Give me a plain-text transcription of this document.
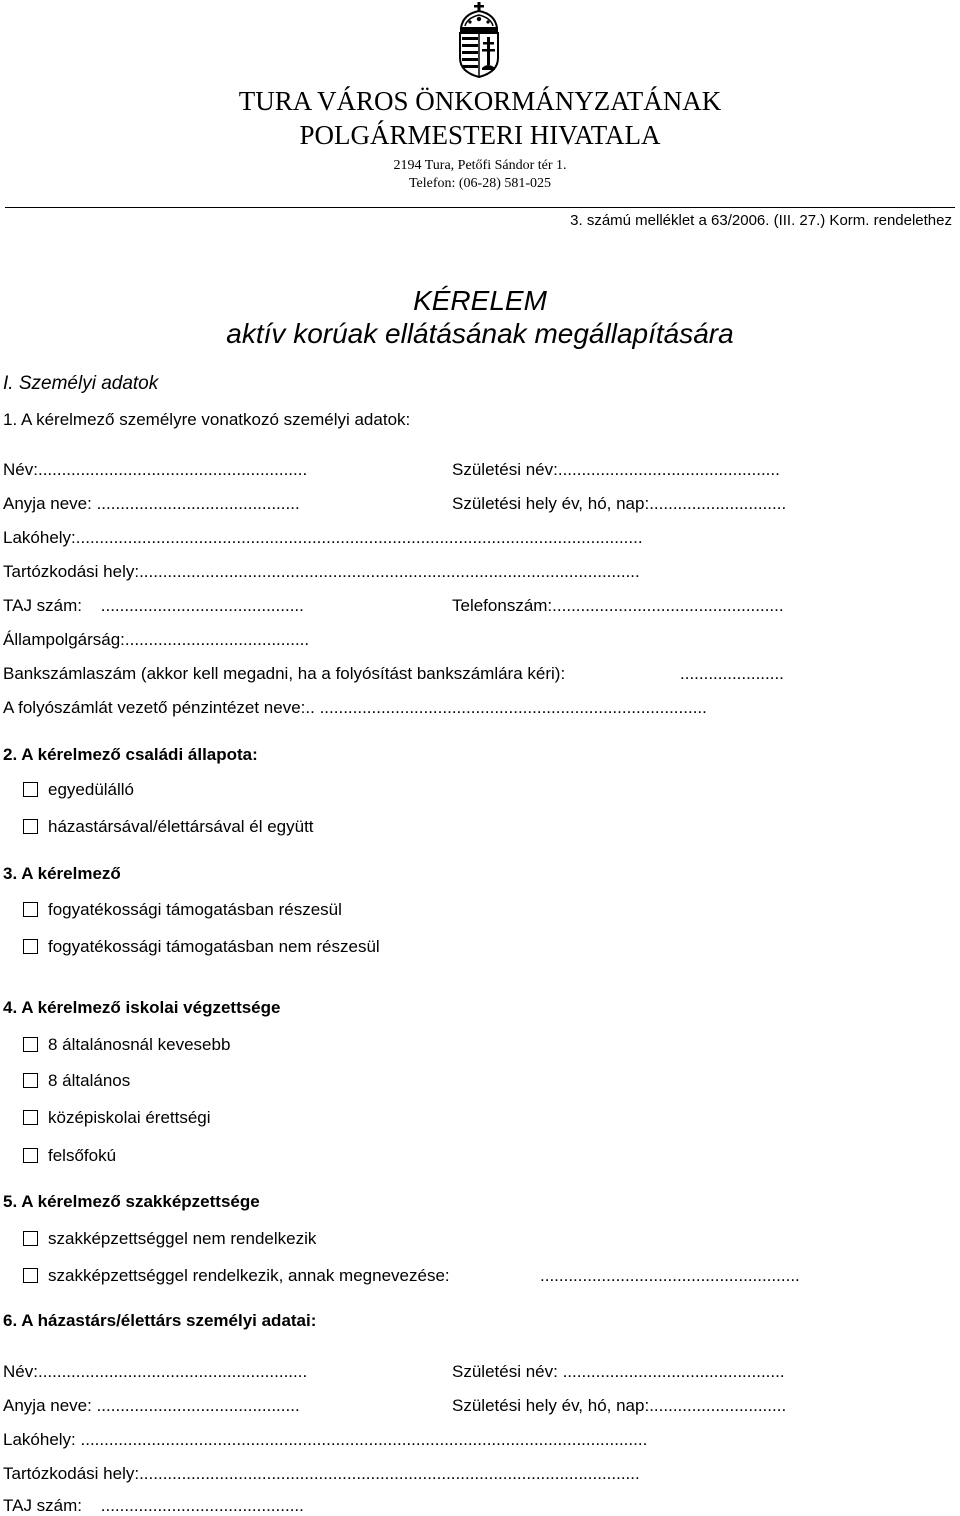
TURA VÁROS ÖNKORMÁNYZATÁNAK
POLGÁRMESTERI HIVATALA
2194 Tura, Petőfi Sándor tér 1.
Telefon: (06-28) 581-025
3. számú melléklet a 63/2006. (III. 27.) Korm. rendelethez
KÉRELEM
aktív korúak ellátásának megállapítására
I. Személyi adatok
1. A kérelmező személyre vonatkozó személyi adatok:
Név:.........................................................	Születési név:...............................................
Anyja neve: ...........................................	Születési hely év, hó, nap:.............................
Lakóhely:........................................................................................................................
Tartózkodási hely:..........................................................................................................
TAJ szám: ...........................................	Telefonszám:.................................................
Állampolgárság:.......................................
Bankszámlaszám (akkor kell megadni, ha a folyósítást bankszámlára kéri):	......................
A folyószámlát vezető pénzintézet neve:.. ..................................................................................
2. A kérelmező családi állapota:
egyedülálló
házastársával/élettársával él együtt
3. A kérelmező
fogyatékossági támogatásban részesül
fogyatékossági támogatásban nem részesül
4. A kérelmező iskolai végzettsége
8 általánosnál kevesebb
8 általános
középiskolai érettségi
felsőfokú
5. A kérelmező szakképzettsége
szakképzettséggel nem rendelkezik
szakképzettséggel rendelkezik, annak megnevezése:	.......................................................
6. A házastárs/élettárs személyi adatai:
Név:.........................................................	Születési név: ...............................................
Anyja neve: ...........................................	Születési hely év, hó, nap:.............................
Lakóhely: ........................................................................................................................
Tartózkodási hely:..........................................................................................................
TAJ szám: ...........................................
